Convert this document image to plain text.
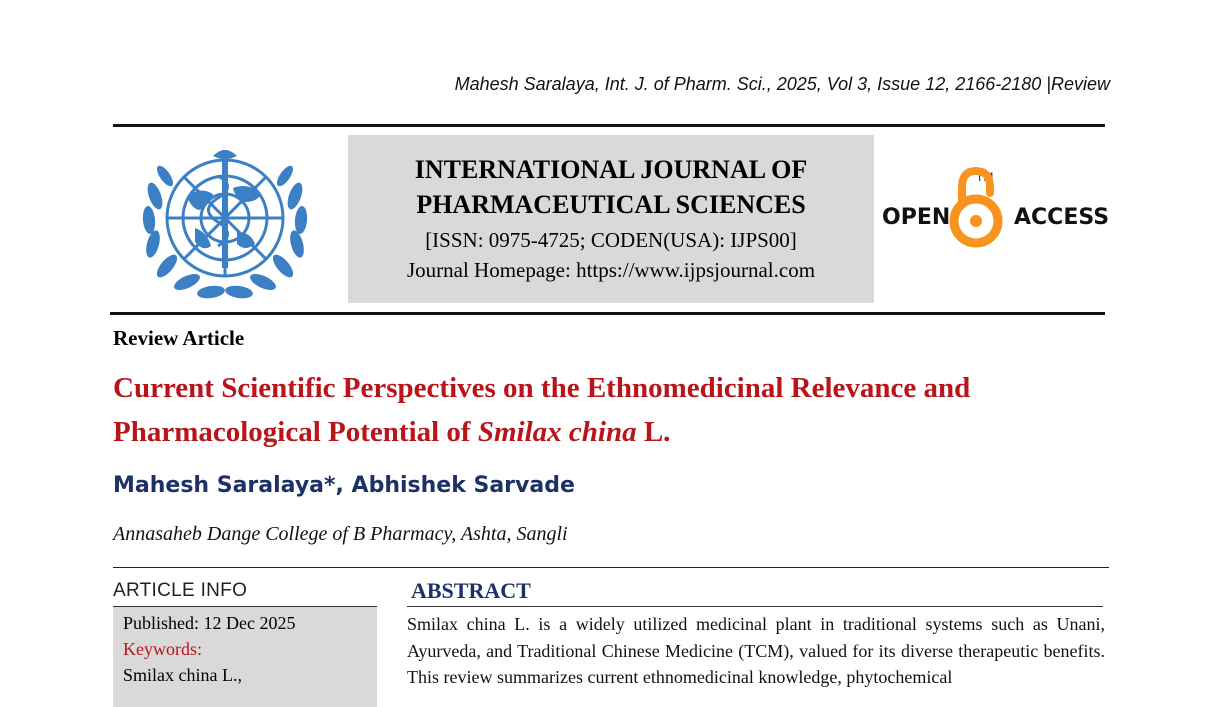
Mahesh Saralaya, Int. J. of Pharm. Sci., 2025, Vol 3, Issue 12, 2166-2180 |Review
INTERNATIONAL JOURNAL OF
PHARMACEUTICAL SCIENCES
[ISSN: 0975-4725; CODEN(USA): IJPS00]
Journal Homepage: https://www.ijpsjournal.com
OPEN	ACCESS
TM
Review Article
Current Scientific Perspectives on the Ethnomedicinal Relevance and
Pharmacological Potential of Smilax china L.
Mahesh Saralaya*, Abhishek Sarvade
Annasaheb Dange College of B Pharmacy, Ashta, Sangli
ARTICLE INFO
Published: 12 Dec 2025
Keywords:
Smilax china L.,
ABSTRACT
Smilax china L. is a widely utilized medicinal plant in traditional systems such as Unani, Ayurveda, and Traditional Chinese Medicine (TCM), valued for its diverse therapeutic benefits. This review summarizes current ethnomedicinal knowledge, phytochemical
